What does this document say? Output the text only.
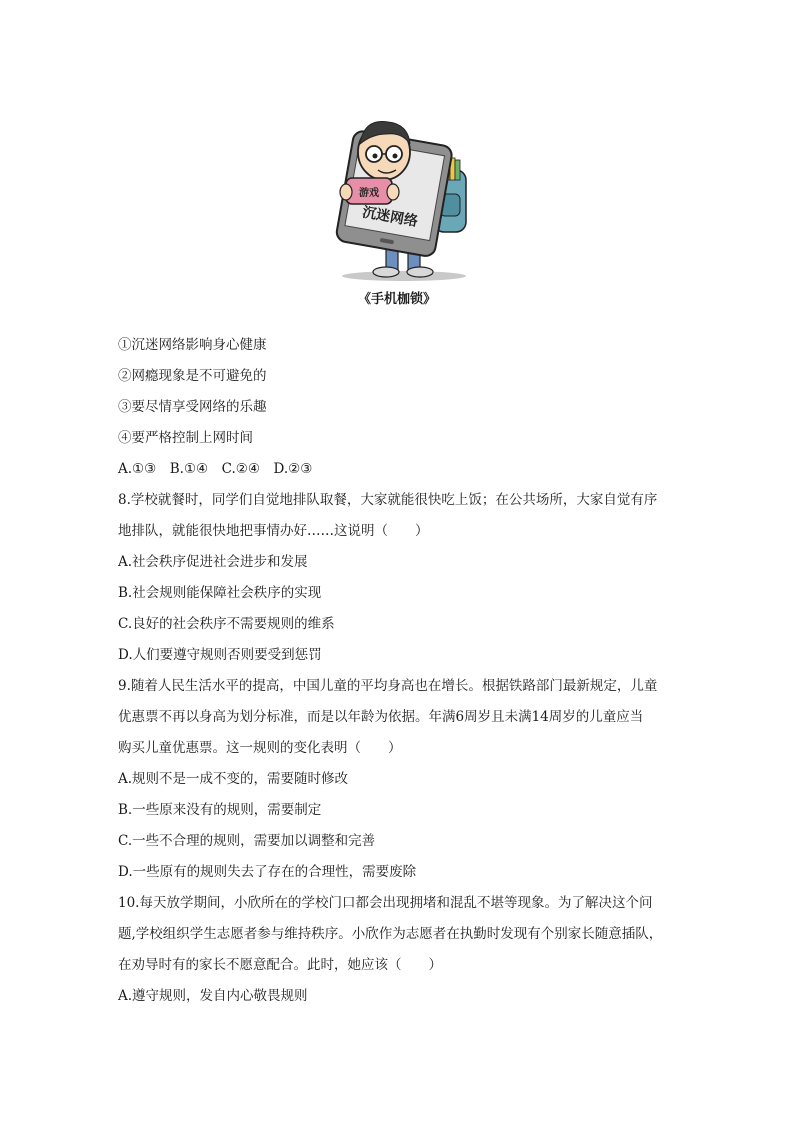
沉迷网络
游戏
《手机枷锁》
①沉迷网络影响身心健康
②网瘾现象是不可避免的
③要尽情享受网络的乐趣
④要严格控制上网时间
A.①③　B.①④　C.②④　D.②③
8.学校就餐时，同学们自觉地排队取餐，大家就能很快吃上饭；在公共场所，大家自觉有序
地排队，就能很快地把事情办好……这说明（　　）
A.社会秩序促进社会进步和发展
B.社会规则能保障社会秩序的实现
C.良好的社会秩序不需要规则的维系
D.人们要遵守规则否则要受到惩罚
9.随着人民生活水平的提高，中国儿童的平均身高也在增长。根据铁路部门最新规定，儿童
优惠票不再以身高为划分标准，而是以年龄为依据。年满6周岁且未满14周岁的儿童应当
购买儿童优惠票。这一规则的变化表明（　　）
A.规则不是一成不变的，需要随时修改
B.一些原来没有的规则，需要制定
C.一些不合理的规则，需要加以调整和完善
D.一些原有的规则失去了存在的合理性，需要废除
10.每天放学期间，小欣所在的学校门口都会出现拥堵和混乱不堪等现象。为了解决这个问
题,学校组织学生志愿者参与维持秩序。小欣作为志愿者在执勤时发现有个别家长随意插队，
在劝导时有的家长不愿意配合。此时，她应该（　　）
A.遵守规则，发自内心敬畏规则
